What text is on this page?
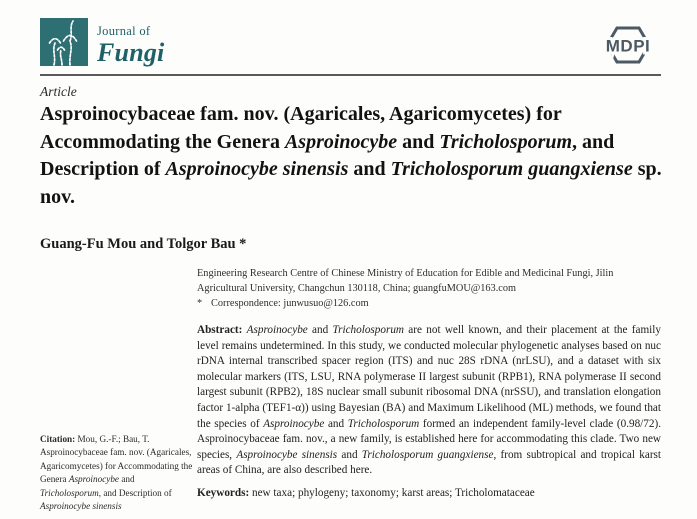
Journal of
Fungi	MDPI
Article
Asproinocybaceae fam. nov. (Agaricales, Agaricomycetes) for Accommodating the Genera Asproinocybe and Tricholosporum, and Description of Asproinocybe sinensis and Tricholosporum guangxiense sp. nov.
Guang-Fu Mou and Tolgor Bau *
Engineering Research Centre of Chinese Ministry of Education for Edible and Medicinal Fungi, Jilin Agricultural University, Changchun 130118, China; guangfuMOU@163.com
* Correspondence: junwusuo@126.com
Abstract: Asproinocybe and Tricholosporum are not well known, and their placement at the family level remains undetermined. In this study, we conducted molecular phylogenetic analyses based on nuc rDNA internal transcribed spacer region (ITS) and nuc 28S rDNA (nrLSU), and a dataset with six molecular markers (ITS, LSU, RNA polymerase II largest subunit (RPB1), RNA polymerase II second largest subunit (RPB2), 18S nuclear small subunit ribosomal DNA (nrSSU), and translation elongation factor 1-alpha (TEF1-α)) using Bayesian (BA) and Maximum Likelihood (ML) methods, we found that the species of Asproinocybe and Tricholosporum formed an independent family-level clade (0.98/72). Asproinocybaceae fam. nov., a new family, is established here for accommodating this clade. Two new species, Asproinocybe sinensis and Tricholosporum guangxiense, from subtropical and tropical karst areas of China, are also described here.
Keywords: new taxa; phylogeny; taxonomy; karst areas; Tricholomataceae
Citation: Mou, G.-F.; Bau, T. Asproinocybaceae fam. nov. (Agaricales, Agaricomycetes) for Accommodating the Genera Asproinocybe and Tricholosporum, and Description of Asproinocybe sinensis
